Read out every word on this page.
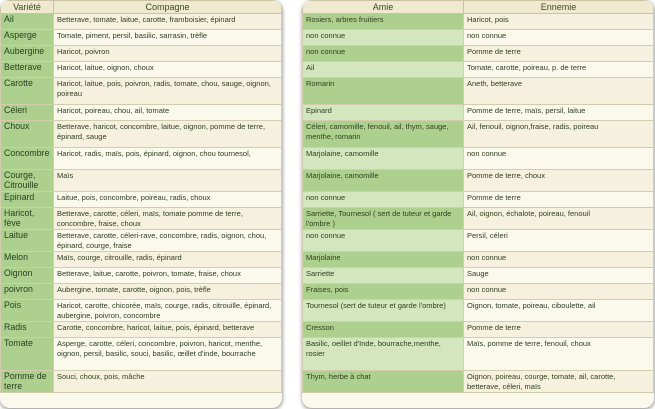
Variété	Compagne
Ail	Betterave, tomate, laitue, carotte, framboisier, épinard
Asperge	Tomate, piment, persil, basilic, sarrasin, trèfle
Aubergine	Haricot, poivron
Betterave	Haricot, laitue, oignon, choux
Carotte	Haricot, laitue, pois, poivron, radis, tomate, chou, sauge, oignon, poireau
Céleri	Haricot, poireau, chou, ail, tomate
Choux	Betterave, haricot, concombre, laitue, oignon, pomme de terre, épinard, sauge
Concombre	Haricot, radis, maïs, pois, épinard, oignon, chou tournesol,
Courge, Citrouille	Maïs
Epinard	Laitue, pois, concombre, poireau, radis, choux
Haricot, fève	Betterave, carotte, céleri, maïs, tomate pomme de terre, concombre, fraise, choux
Laitue	Betterave, carotte, céleri-rave, concombre, radis, oignon, chou, épinard, courge, fraise
Melon	Maïs, courge, citrouille, radis, épinard
Oignon	Betterave, laitue, carotte, poivron, tomate, fraise, choux
poivron	Aubergine, tomate, carotte, oignon, pois, trèfle
Pois	Haricot, carotte, chicorée, maïs, courge, radis, citrouille, épinard, aubergine, poivron, concombre
Radis	Carotte, concombre, haricot, laitue, pois, épinard, betterave
Tomate	Asperge, carotte, céleri, concombre, poivron, haricot, menthe, oignon, persil, basilic, souci, basilic, œillet d'inde, bourrache
Pomme de terre	Souci, choux, pois, mâche
Amie	Ennemie
Rosiers, arbres fruitiers	Haricot, pois
non connue	non connue
non connue	Pomme de terre
Ail	Tomate, carotte, poireau, p. de terre
Romarin	Aneth, betterave
Epinard	Pomme de terre, maïs, persil, laitue
Céleri, camomille, fenouil, ail, thym, sauge, menthe, romarin	Ail, fenouil, oignon,fraise, radis, poireau
Marjolaine, camomille	non connue
Marjolaine, camomille	Pomme de terre, choux
non connue	Pomme de terre
Sarriette, Tournesol ( sert de tuteur et garde l'ombre )	Ail, oignon, échalote, poireau, fenouil
non connue	Persil, céleri
Marjolaine	non connue
Sarriette	Sauge
Fraises, pois	non connue
Tournesol (sert de tuteur et garde l'ombre)	Oignon, tomate, poireau, ciboulette, ail
Cresson	Pomme de terre
Basilic, oeillet d'Inde, bourrache,menthe, rosier	Maïs, pomme de terre, fenouil, choux
Thym, herbe à chat	Oignon, poireau, courge, tomate, ail, carotte, betterave, céleri, maïs
